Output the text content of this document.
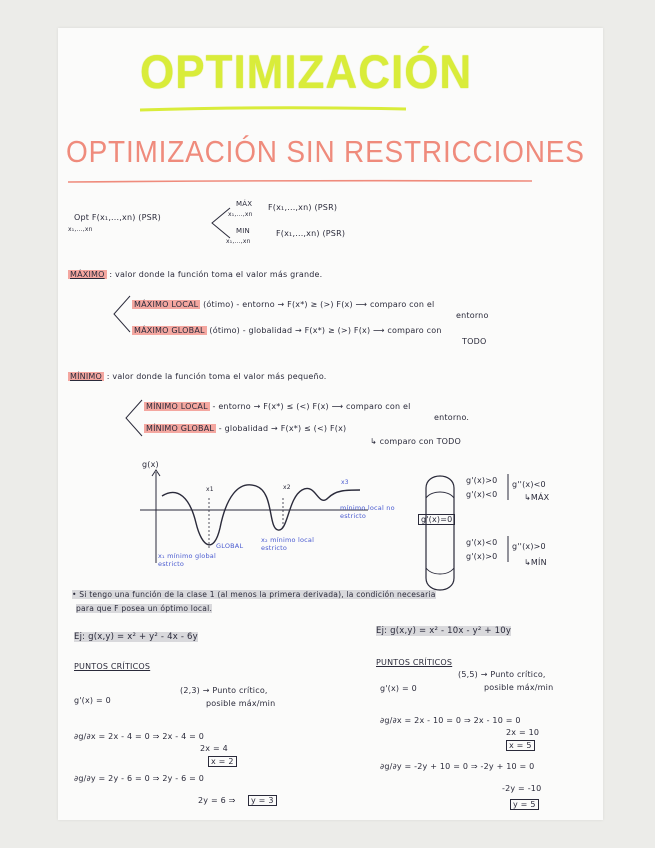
OPTIMIZACIÓN
OPTIMIZACIÓN SIN RESTRICCIONES
Opt F(x₁,...,xn) (PSR)
x₁,...,xn
MÁX
x₁,...,xn
F(x₁,...,xn) (PSR)
MIN
x₁,...,xn
F(x₁,...,xn) (PSR)
MÁXIMO : valor donde la función toma el valor más grande.
MÁXIMO LOCAL (ótimo) - entorno → F(x*) ≥ (>) F(x) ⟶ comparo con el
entorno
MÁXIMO GLOBAL (ótimo) - globalidad → F(x*) ≥ (>) F(x) ⟶ comparo con
TODO
MÍNIMO : valor donde la función toma el valor más pequeño.
MÍNIMO LOCAL - entorno → F(x*) ≤ (<) F(x) ⟶ comparo con el
entorno.
MÍNIMO GLOBAL - globalidad → F(x*) ≤ (<) F(x)
↳ comparo con TODO
g(x)
x1	x2
x3
mínimo local no estricto
GLOBAL
x₁ mínimo global estricto
x₂ mínimo local estricto
g'(x)=0
g'(x)>0
g'(x)<0
g''(x)<0
↳MÁX
g'(x)<0
g'(x)>0
g''(x)>0
↳MÍN
• Si tengo una función de la clase 1 (al menos la primera derivada), la condición necesaria
para que F posea un óptimo local.
Ej: g(x,y) = x² + y² - 4x - 6y
PUNTOS CRÍTICOS
g'(x) = 0
(2,3) → Punto crítico,
posible máx/min
∂g/∂x = 2x - 4 = 0 ⇒ 2x - 4 = 0
2x = 4
x = 2
∂g/∂y = 2y - 6 = 0 ⇒ 2y - 6 = 0
2y = 6 ⇒	y = 3
Ej: g(x,y) = x² - 10x - y² + 10y
PUNTOS CRÍTICOS
g'(x) = 0
(5,5) → Punto crítico,
posible máx/min
∂g/∂x = 2x - 10 = 0 ⇒ 2x - 10 = 0
2x = 10
x = 5
∂g/∂y = -2y + 10 = 0 ⇒ -2y + 10 = 0
-2y = -10
y = 5
